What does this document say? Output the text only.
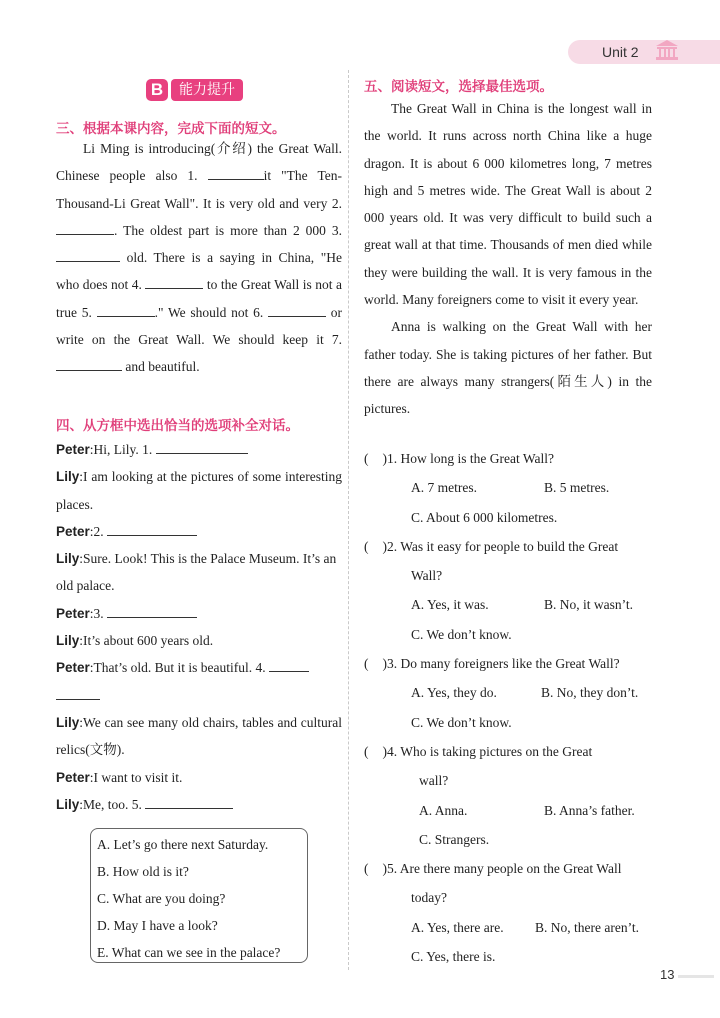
Unit 2
B 能力提升
三、根据本课内容，完成下面的短文。

Li Ming is introducing(介绍) the Great Wall. Chinese people also 1.	it "The Ten-Thousand-Li Great Wall". It is very old and very 2. . The oldest part is more than 2 000 3.  old. There is a saying in China, "He who does not 4.	to the Great Wall is not a true 5.	." We should not 6.	or write on the Great Wall. We should keep it 7.  and beautiful.

四、从方框中选出恰当的选项补全对话。

Peter:Hi, Lily. 1.

Lily:I am looking at the pictures of some interesting places.

Peter:2.

Lily:Sure. Look! This is the Palace Museum. It’s an old palace.

Peter:3.

Lily:It’s about 600 years old.

Peter:That’s old. But it is beautiful. 4.

Lily:We can see many old chairs, tables and cultural relics(文物).

Peter:I want to visit it.

Lily:Me, too. 5.

A. Let’s go there next Saturday.
B. How old is it?
C. What are you doing?
D. May I have a look?
E. What can we see in the palace?
五、阅读短文，选择最佳选项。

The Great Wall in China is the longest wall in the world. It runs across north China like a huge dragon. It is about 6 000 kilometres long, 7 metres high and 5 metres wide. The Great Wall is about 2 000 years old. It was very difficult to build such a great wall at that time. Thousands of men died while they were building the wall. It is very famous in the world. Many foreigners come to visit it every year.

Anna is walking on the Great Wall with her father today. She is taking pictures of her father. But there are always many strangers(陌生人) in the pictures.

( )1. How long is the Great Wall?
A. 7 metres.	B. 5 metres.
C. About 6 000 kilometres.
( )2. Was it easy for people to build the Great
Wall?
A. Yes, it was.	B. No, it wasn’t.
C. We don’t know.
( )3. Do many foreigners like the Great Wall?
A. Yes, they do.	B. No, they don’t.
C. We don’t know.
( )4. Who is taking pictures on the Great
wall?
A. Anna.	B. Anna’s father.
C. Strangers.
( )5. Are there many people on the Great Wall
today?
A. Yes, there are. B. No, there aren’t.
C. Yes, there is.
13
